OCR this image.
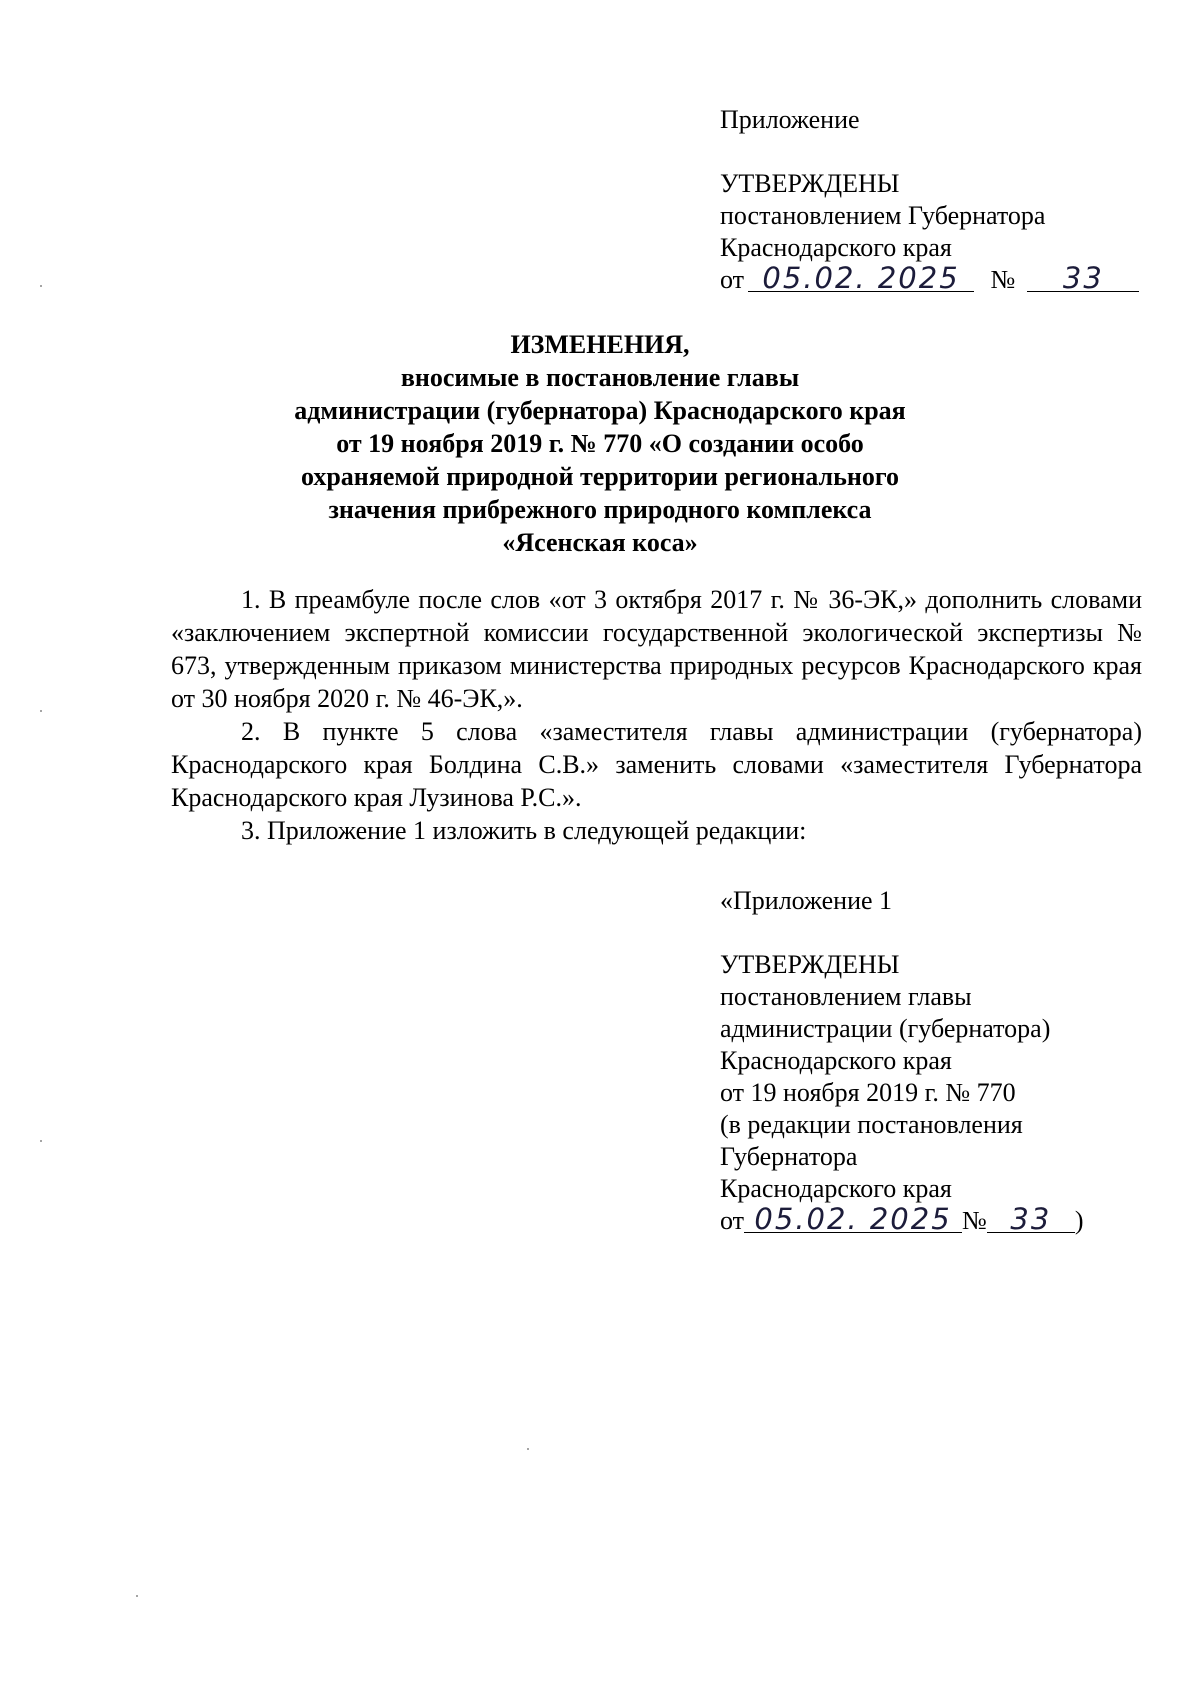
Приложение
УТВЕРЖДЕНЫ
постановлением Губернатора
Краснодарского края
от 05.02. 2025 № 33
ИЗМЕНЕНИЯ,
вносимые в постановление главы
администрации (губернатора) Краснодарского края
от 19 ноября 2019 г. № 770 «О создании особо
охраняемой природной территории регионального
значения прибрежного природного комплекса
«Ясенская коса»

1. В преамбуле после слов «от 3 октября 2017 г. № 36-ЭК,» дополнить словами «заключением экспертной комиссии государственной экологической экспертизы № 673, утвержденным приказом министерства природных ресурсов Краснодарского края от 30 ноября 2020 г. № 46-ЭК,».

2. В пункте 5 слова «заместителя главы администрации (губернатора) Краснодарского края Болдина С.В.» заменить словами «заместителя Губернатора Краснодарского края Лузинова Р.С.».

3. Приложение 1 изложить в следующей редакции:

«Приложение 1
УТВЕРЖДЕНЫ
постановлением главы
администрации (губернатора)
Краснодарского края
от 19 ноября 2019 г. № 770
(в редакции постановления
Губернатора
Краснодарского края
от 05.02. 2025 № 33 )
